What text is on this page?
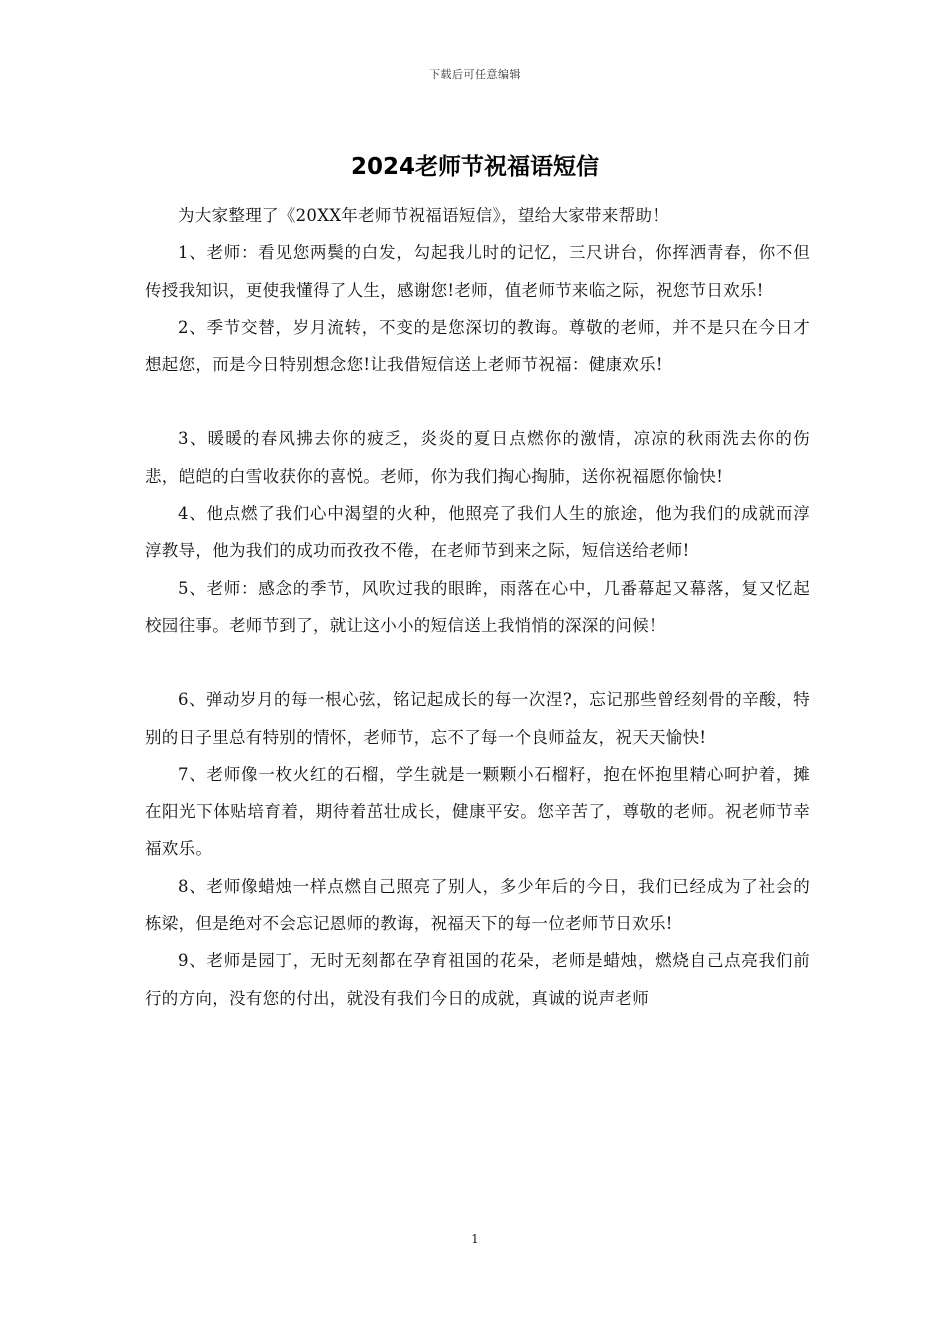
下载后可任意编辑
2024老师节祝福语短信

为大家整理了《20XX年老师节祝福语短信》，望给大家带来帮助！

1、老师：看见您两鬓的白发，勾起我儿时的记忆，三尺讲台，你挥洒青春，你不但传授我知识，更使我懂得了人生，感谢您!老师，值老师节来临之际，祝您节日欢乐!

2、季节交替，岁月流转，不变的是您深切的教诲。尊敬的老师，并不是只在今日才想起您，而是今日特别想念您!让我借短信送上老师节祝福：健康欢乐!

3、暖暖的春风拂去你的疲乏，炎炎的夏日点燃你的激情，凉凉的秋雨洗去你的伤悲，皑皑的白雪收获你的喜悦。老师，你为我们掏心掏肺，送你祝福愿你愉快!

4、他点燃了我们心中渴望的火种，他照亮了我们人生的旅途，他为我们的成就而淳淳教导，他为我们的成功而孜孜不倦，在老师节到来之际，短信送给老师!

5、老师：感念的季节，风吹过我的眼眸，雨落在心中，几番幕起又幕落，复又忆起校园往事。老师节到了，就让这小小的短信送上我悄悄的深深的问候！

6、弹动岁月的每一根心弦，铭记起成长的每一次涅?，忘记那些曾经刻骨的辛酸，特别的日子里总有特别的情怀，老师节，忘不了每一个良师益友，祝天天愉快!

7、老师像一枚火红的石榴，学生就是一颗颗小石榴籽，抱在怀抱里精心呵护着，摊在阳光下体贴培育着，期待着茁壮成长，健康平安。您辛苦了，尊敬的老师。祝老师节幸福欢乐。

8、老师像蜡烛一样点燃自己照亮了别人，多少年后的今日，我们已经成为了社会的栋梁，但是绝对不会忘记恩师的教诲，祝福天下的每一位老师节日欢乐!

9、老师是园丁，无时无刻都在孕育祖国的花朵，老师是蜡烛，燃烧自己点亮我们前行的方向，没有您的付出，就没有我们今日的成就，真诚的说声老师

1
